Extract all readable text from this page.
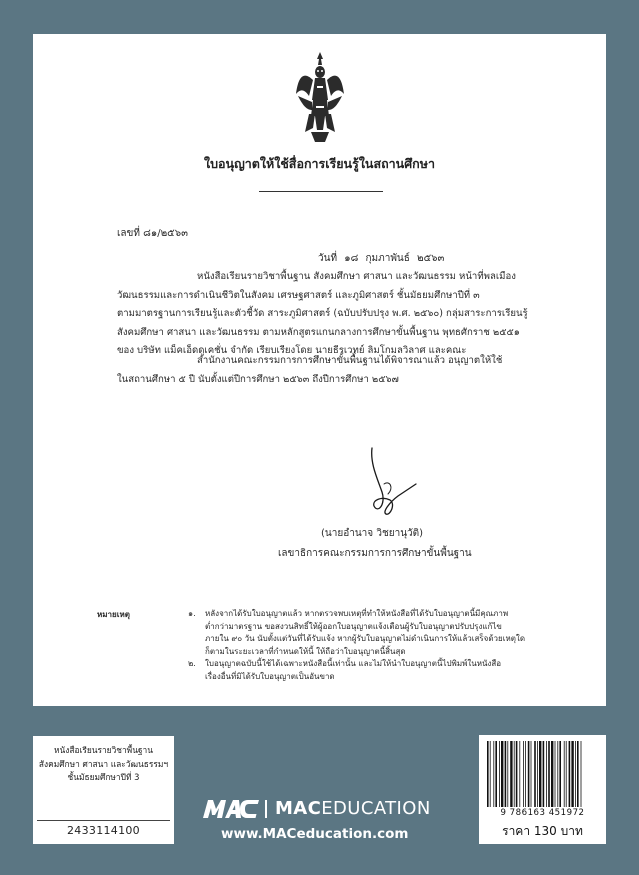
ใบอนุญาตให้ใช้สื่อการเรียนรู้ในสถานศึกษา
เลขที่ ๘๑/๒๕๖๓
วันที่ ๑๘ กุมภาพันธ์ ๒๕๖๓

หนังสือเรียนรายวิชาพื้นฐาน สังคมศึกษา ศาสนา และวัฒนธรรม หน้าที่พลเมือง
วัฒนธรรมและการดำเนินชีวิตในสังคม เศรษฐศาสตร์ และภูมิศาสตร์ ชั้นมัธยมศึกษาปีที่ ๓
ตามมาตรฐานการเรียนรู้และตัวชี้วัด สาระภูมิศาสตร์ (ฉบับปรับปรุง พ.ศ. ๒๕๖๐) กลุ่มสาระการเรียนรู้
สังคมศึกษา ศาสนา และวัฒนธรรม ตามหลักสูตรแกนกลางการศึกษาขั้นพื้นฐาน พุทธศักราช ๒๕๕๑
ของ บริษัท แม็คเอ็ดดูเคชั่น จำกัด เรียบเรียงโดย นายธีรเวทย์ ลิมโกมลวิลาศ และคณะ

สำนักงานคณะกรรมการการศึกษาขั้นพื้นฐานได้พิจารณาแล้ว อนุญาตให้ใช้
ในสถานศึกษา ๕ ปี นับตั้งแต่ปีการศึกษา ๒๕๖๓ ถึงปีการศึกษา ๒๕๖๗

(นายอำนาจ วิชยานุวัติ)
เลขาธิการคณะกรรมการการศึกษาขั้นพื้นฐาน
หมายเหตุ	๑. หลังจากได้รับใบอนุญาตแล้ว หากตรวจพบเหตุที่ทำให้หนังสือที่ได้รับใบอนุญาตนี้มีคุณภาพ
ต่ำกว่ามาตรฐาน ขอสงวนสิทธิ์ให้ผู้ออกใบอนุญาตแจ้งเตือนผู้รับใบอนุญาตปรับปรุงแก้ไข
ภายใน ๙๐ วัน นับตั้งแต่วันที่ได้รับแจ้ง หากผู้รับใบอนุญาตไม่ดำเนินการให้แล้วเสร็จด้วยเหตุใด
ก็ตามในระยะเวลาที่กำหนดให้นี้ ให้ถือว่าใบอนุญาตนี้สิ้นสุด
๒. ใบอนุญาตฉบับนี้ใช้ได้เฉพาะหนังสือนี้เท่านั้น และไม่ให้นำใบอนุญาตนี้ไปพิมพ์ในหนังสือ
เรื่องอื่นที่มิได้รับใบอนุญาตเป็นอันขาด
หนังสือเรียนรายวิชาพื้นฐาน
สังคมศึกษา ศาสนา และวัฒนธรรมฯ
ชั้นมัธยมศึกษาปีที่ 3
2433114100
MACEDUCATION
www.MACeducation.com
9 786163 451972
ราคา 130 บาท
